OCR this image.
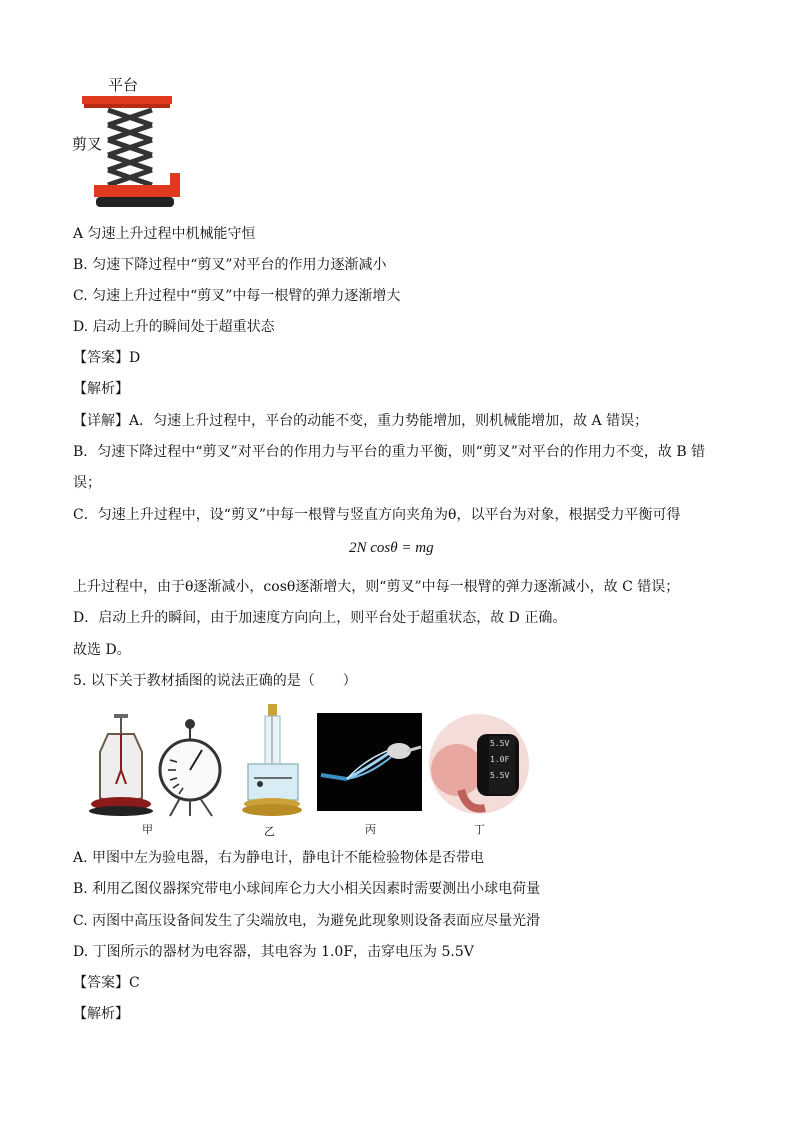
平台
剪叉
A 匀速上升过程中机械能守恒
B. 匀速下降过程中“剪叉”对平台的作用力逐渐减小
C. 匀速上升过程中“剪叉”中每一根臂的弹力逐渐增大
D. 启动上升的瞬间处于超重状态
【答案】D
【解析】
【详解】A．匀速上升过程中，平台的动能不变，重力势能增加，则机械能增加，故 A 错误；
B．匀速下降过程中“剪叉”对平台的作用力与平台的重力平衡，则“剪叉”对平台的作用力不变，故 B 错
误；
C．匀速上升过程中，设“剪叉”中每一根臂与竖直方向夹角为θ，以平台为对象，根据受力平衡可得
2N cosθ = mg
上升过程中，由于θ逐渐减小，cosθ逐渐增大，则“剪叉”中每一根臂的弹力逐渐减小，故 C 错误；
D．启动上升的瞬间，由于加速度方向向上，则平台处于超重状态，故 D 正确。
故选 D。
5. 以下关于教材插图的说法正确的是（　　）
5.5V
1.0F
5.5V
甲	乙	丙	丁
A. 甲图中左为验电器，右为静电计，静电计不能检验物体是否带电
B. 利用乙图仪器探究带电小球间库仑力大小相关因素时需要测出小球电荷量
C. 丙图中高压设备间发生了尖端放电，为避免此现象则设备表面应尽量光滑
D. 丁图所示的器材为电容器，其电容为 1.0F，击穿电压为 5.5V
【答案】C
【解析】
